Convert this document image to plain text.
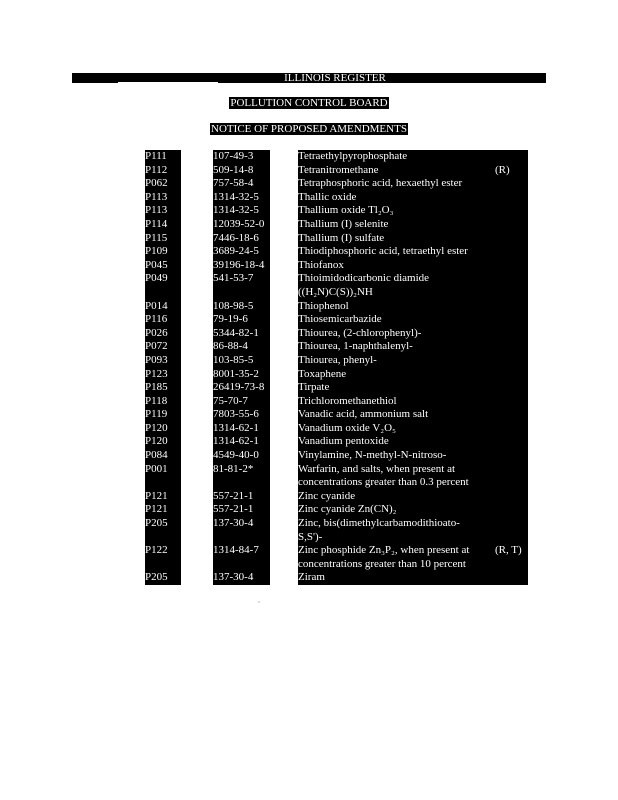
ILLINOIS REGISTER
POLLUTION CONTROL BOARD
NOTICE OF PROPOSED AMENDMENTS
P111		107-49-3		Tetraethylpyrophosphate	
P112		509-14-8		Tetranitromethane	(R)
P062		757-58-4		Tetraphosphoric acid, hexaethyl ester	
P113		1314-32-5		Thallic oxide	
P113		1314-32-5		Thallium oxide Tl₂O₃	
P114		12039-52-0		Thallium (I) selenite	
P115		7446-18-6		Thallium (I) sulfate	
P109		3689-24-5		Thiodiphosphoric acid, tetraethyl ester	
P045		39196-18-4		Thiofanox	
P049		541-53-7		Thioimidodicarbonic diamide	
				((H₂N)C(S))₂NH	
P014		108-98-5		Thiophenol	
P116		79-19-6		Thiosemicarbazide	
P026		5344-82-1		Thiourea, (2-chlorophenyl)-	
P072		86-88-4		Thiourea, 1-naphthalenyl-	
P093		103-85-5		Thiourea, phenyl-	
P123		8001-35-2		Toxaphene	
P185		26419-73-8		Tirpate	
P118		75-70-7		Trichloromethanethiol	
P119		7803-55-6		Vanadic acid, ammonium salt	
P120		1314-62-1		Vanadium oxide V₂O₅	
P120		1314-62-1		Vanadium pentoxide	
P084		4549-40-0		Vinylamine, N-methyl-N-nitroso-	
P001		81-81-2*		Warfarin, and salts, when present at	
				concentrations greater than 0.3 percent	
P121		557-21-1		Zinc cyanide	
P121		557-21-1		Zinc cyanide Zn(CN)₂	
P205		137-30-4		Zinc, bis(dimethylcarbamodithioato-	
				S,S')-	
P122		1314-84-7		Zinc phosphide Zn₃P₂, when present at	(R, T)
				concentrations greater than 10 percent	
P205		137-30-4		Ziram	
